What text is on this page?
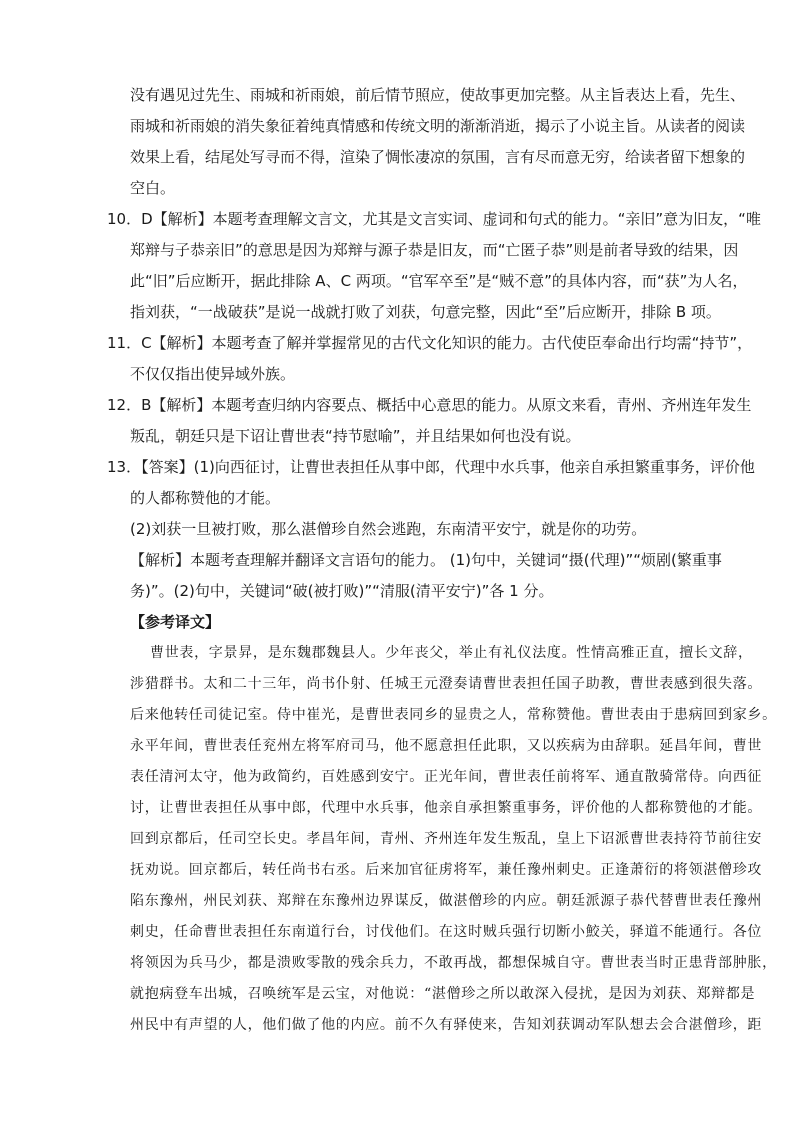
没有遇见过先生、雨城和祈雨娘，前后情节照应，使故事更加完整。从主旨表达上看，先生、
雨城和祈雨娘的消失象征着纯真情感和传统文明的渐渐消逝，揭示了小说主旨。从读者的阅读
效果上看，结尾处写寻而不得，渲染了惆怅凄凉的氛围，言有尽而意无穷，给读者留下想象的
空白。
10．D【解析】本题考查理解文言文，尤其是文言实词、虚词和句式的能力。“亲旧”意为旧友，“唯
郑辩与子恭亲旧”的意思是因为郑辩与源子恭是旧友，而“亡匿子恭”则是前者导致的结果，因
此“旧”后应断开，据此排除 A、C 两项。“官军卒至”是“贼不意”的具体内容，而“获”为人名，
指刘获，“一战破获”是说一战就打败了刘获，句意完整，因此“至”后应断开，排除 B 项。
11．C【解析】本题考查了解并掌握常见的古代文化知识的能力。古代使臣奉命出行均需“持节”，
不仅仅指出使异域外族。
12．B【解析】本题考查归纳内容要点、概括中心意思的能力。从原文来看，青州、齐州连年发生
叛乱，朝廷只是下诏让曹世表“持节慰喻”，并且结果如何也没有说。
13．【答案】(1)向西征讨，让曹世表担任从事中郎，代理中水兵事，他亲自承担繁重事务，评价他
的人都称赞他的才能。
(2)刘获一旦被打败，那么湛僧珍自然会逃跑，东南清平安宁，就是你的功劳。
【解析】本题考查理解并翻译文言语句的能力。 (1)句中，关键词“摄(代理)”“烦剧(繁重事
务)”。(2)句中，关键词“破(被打败)”“清服(清平安宁)”各 1 分。
【参考译文】
曹世表，字景昇，是东魏郡魏县人。少年丧父，举止有礼仪法度。性情高雅正直，擅长文辞，
涉猎群书。太和二十三年，尚书仆射、任城王元澄奏请曹世表担任国子助教，曹世表感到很失落。
后来他转任司徒记室。侍中崔光，是曹世表同乡的显贵之人，常称赞他。曹世表由于患病回到家乡。
永平年间，曹世表任兖州左将军府司马，他不愿意担任此职，又以疾病为由辞职。延昌年间，曹世
表任清河太守，他为政简约，百姓感到安宁。正光年间，曹世表任前将军、通直散骑常侍。向西征
讨，让曹世表担任从事中郎，代理中水兵事，他亲自承担繁重事务，评价他的人都称赞他的才能。
回到京都后，任司空长史。孝昌年间，青州、齐州连年发生叛乱，皇上下诏派曹世表持符节前往安
抚劝说。回京都后，转任尚书右丞。后来加官征虏将军，兼任豫州刺史。正逢萧衍的将领湛僧珍攻
陷东豫州，州民刘获、郑辩在东豫州边界谋反，做湛僧珍的内应。朝廷派源子恭代替曹世表任豫州
刺史，任命曹世表担任东南道行台，讨伐他们。在这时贼兵强行切断小鮫关，驿道不能通行。各位
将领因为兵马少，都是溃败零散的残余兵力，不敢再战，都想保城自守。曹世表当时正患背部肿胀，
就抱病登车出城，召唤统军是云宝，对他说：“湛僧珍之所以敢深入侵扰，是因为刘获、郑辩都是
州民中有声望的人，他们做了他的内应。前不久有驿使来，告知刘获调动军队想去会合湛僧珍，距
